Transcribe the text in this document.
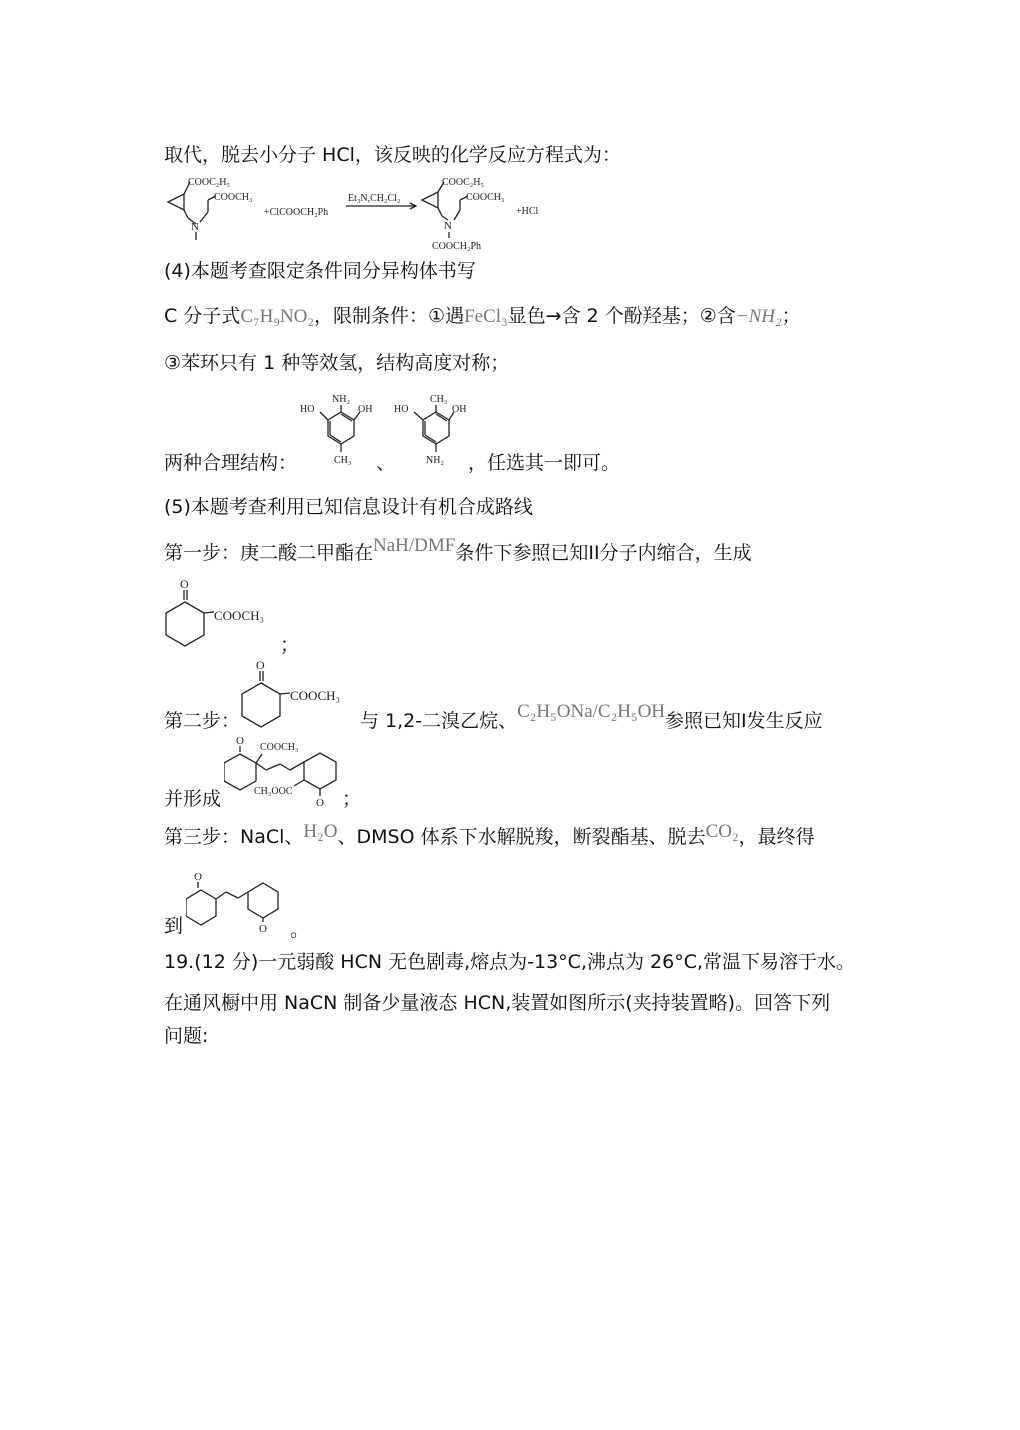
取代，脱去小分子 HCl，该反映的化学反应方程式为：
COOC₂H₅
N
COOCH₃
+ClCOOCH₂Ph
Et₃N,CH₂Cl₂
COOC₂H₅
N
COOCH₃
COOCH₂Ph
+HCl
(4)本题考查限定条件同分异构体书写
C 分子式C₇H₉NO₂，限制条件：①遇FeCl₃显色→含 2 个酚羟基；②含−NH₂；
③苯环只有 1 种等效氢，结构高度对称；
HO
NH₂
OH
CH₃ 、
HO
CH₃
OH
NH₂
两种合理结构：	，任选其一即可。
(5)本题考查利用已知信息设计有机合成路线
第一步：庚二酸二甲酯在NaH/DMF条件下参照已知II分子内缩合，生成
O
COOCH₃
；
第二步：
O
COOCH₃
与 1,2-二溴乙烷、C₂H₅ONa/C₂H₅OH参照已知I发生反应
并形成
O
COOCH₃
CH₃OOC
O ；
第三步：NaCl、H₂O、DMSO 体系下水解脱羧，断裂酯基、脱去CO₂，最终得
到
O
O 。
19.(12 分)一元弱酸 HCN 无色剧毒,熔点为-13°C,沸点为 26°C,常温下易溶于水。
在通风橱中用 NaCN 制备少量液态 HCN,装置如图所示(夹持装置略)。回答下列
问题:
